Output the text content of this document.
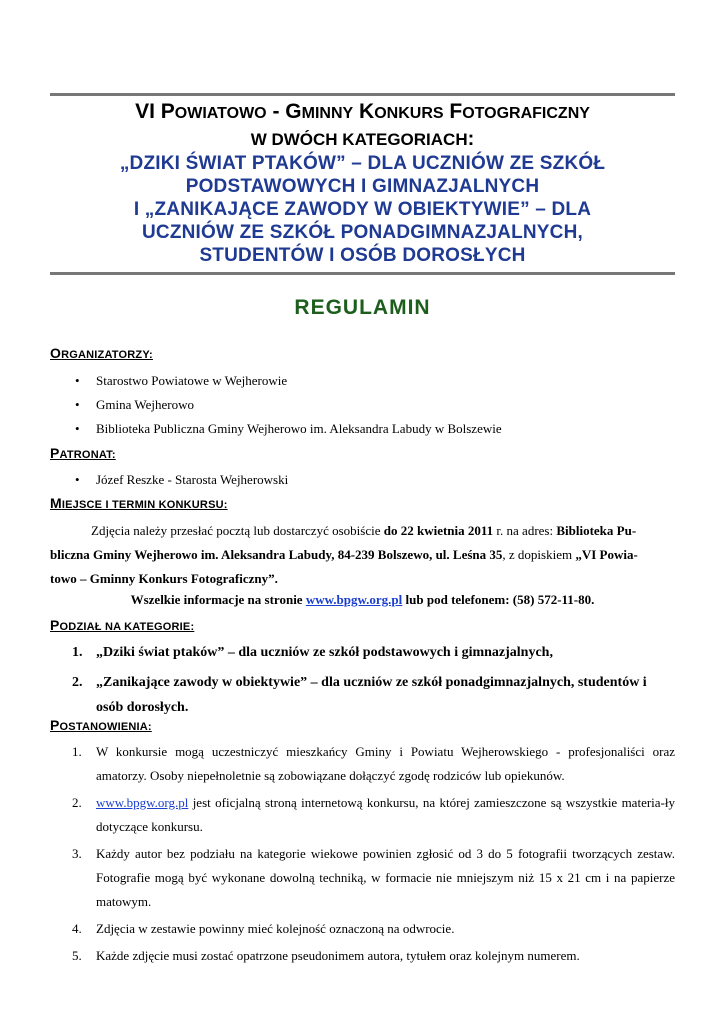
VI POWIATOWO - GMINNY KONKURS FOTOGRAFICZNY
W DWÓCH KATEGORIACH:
„DZIKI ŚWIAT PTAKÓW” – DLA UCZNIÓW ZE SZKÓŁ
PODSTAWOWYCH I GIMNAZJALNYCH
I „ZANIKAJĄCE ZAWODY W OBIEKTYWIE” – DLA
UCZNIÓW ZE SZKÓŁ PONADGIMNAZJALNYCH,
STUDENTÓW I OSÓB DOROSŁYCH
REGULAMIN
ORGANIZATORZY:
• Starostwo Powiatowe w Wejherowie
• Gmina Wejherowo
• Biblioteka Publiczna Gminy Wejherowo im. Aleksandra Labudy w Bolszewie
PATRONAT:
• Józef Reszke - Starosta Wejherowski
MIEJSCE I TERMIN KONKURSU:
Zdjęcia należy przesłać pocztą lub dostarczyć osobiście do 22 kwietnia 2011 r. na adres: Biblioteka Pu-
bliczna Gminy Wejherowo im. Aleksandra Labudy, 84-239 Bolszewo, ul. Leśna 35, z dopiskiem „VI Powia-
towo – Gminny Konkurs Fotograficzny”.
Wszelkie informacje na stronie www.bpgw.org.pl lub pod telefonem: (58) 572-11-80.
PODZIAŁ NA KATEGORIE:
1. „Dziki świat ptaków” – dla uczniów ze szkół podstawowych i gimnazjalnych,
2. „Zanikające zawody w obiektywie” – dla uczniów ze szkół ponadgimnazjalnych, studentów i osób dorosłych.
POSTANOWIENIA:
1. W konkursie mogą uczestniczyć mieszkańcy Gminy i Powiatu Wejherowskiego - profesjonaliści oraz amatorzy. Osoby niepełnoletnie są zobowiązane dołączyć zgodę rodziców lub opiekunów.
2. www.bpgw.org.pl jest oficjalną stroną internetową konkursu, na której zamieszczone są wszystkie materia-ły dotyczące konkursu.
3. Każdy autor bez podziału na kategorie wiekowe powinien zgłosić od 3 do 5 fotografii tworzących zestaw. Fotografie mogą być wykonane dowolną techniką, w formacie nie mniejszym niż 15 x 21 cm i na papierze matowym.
4. Zdjęcia w zestawie powinny mieć kolejność oznaczoną na odwrocie.
5. Każde zdjęcie musi zostać opatrzone pseudonimem autora, tytułem oraz kolejnym numerem.
